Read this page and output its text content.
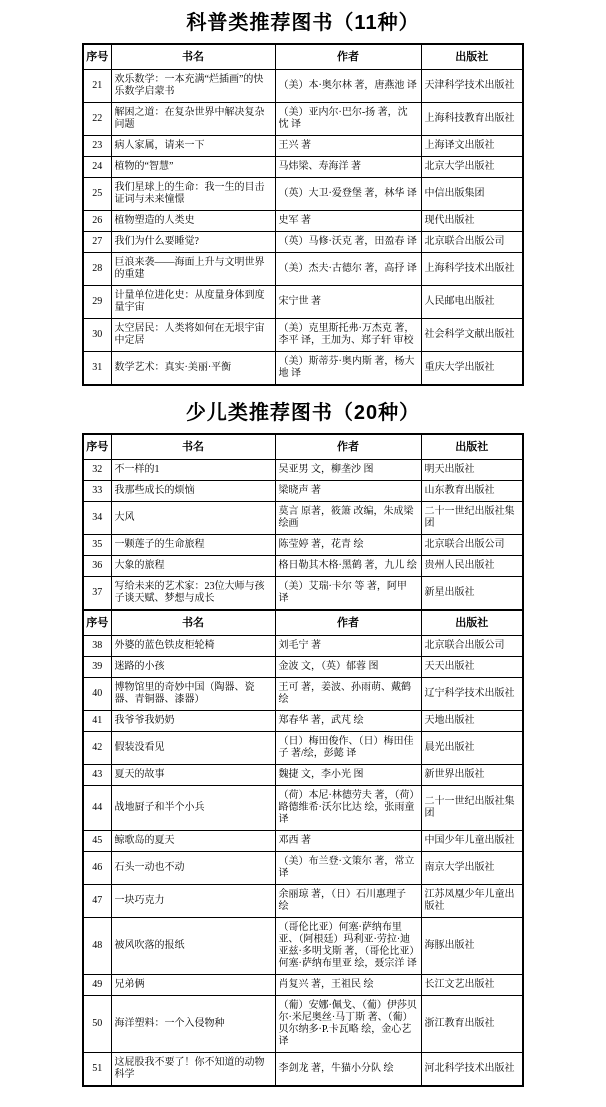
科普类推荐图书（11种）
序号	书名	作者	出版社
21	欢乐数学：一本充满“烂插画”的快乐数学启蒙书	（美）本·奥尔林 著，唐燕池 译	天津科学技术出版社
22	解困之道：在复杂世界中解决复杂问题	（美）亚内尔·巴尔-扬 著，沈忱 译	上海科技教育出版社
23	病人家属，请来一下	王兴 著	上海译文出版社
24	植物的“智慧”	马炜梁、寿海洋 著	北京大学出版社
25	我们星球上的生命：我一生的目击证词与未来憧憬	（英）大卫·爱登堡 著，林华 译	中信出版集团
26	植物塑造的人类史	史军 著	现代出版社
27	我们为什么要睡觉?	（英）马修·沃克 著，田盈春 译	北京联合出版公司
28	巨浪来袭——海面上升与文明世界的重建	（美）杰夫·古德尔 著，高抒 译	上海科学技术出版社
29	计量单位进化史：从度量身体到度量宇宙	宋宁世 著	人民邮电出版社
30	太空居民：人类将如何在无垠宇宙中定居	（美）克里斯托弗·万杰克 著，李平 译，王加为、郑子轩 审校	社会科学文献出版社
31	数学艺术：真实·美丽·平衡	（美）斯蒂芬·奥内斯 著，杨大地 译	重庆大学出版社
少儿类推荐图书（20种）
序号	书名	作者	出版社
32	不一样的1	吴亚男 文，柳垄沙 图	明天出版社
33	我那些成长的烦恼	梁晓声 著	山东教育出版社
34	大风	莫言 原著，筱箫 改编，朱成梁 绘画	二十一世纪出版社集团
35	一颗莲子的生命旅程	陈莹婷 著，花青 绘	北京联合出版公司
36	大象的旅程	格日勒其木格·黑鹤 著，九儿 绘	贵州人民出版社
37	写给未来的艺术家：23位大师与孩子谈天赋、梦想与成长	（美）艾瑞·卡尔 等 著，阿甲 译	新星出版社
序号	书名	作者	出版社
38	外婆的蓝色铁皮柜轮椅	刘毛宁 著	北京联合出版公司
39	迷路的小孩	金波 文，（英）郁蓉 图	天天出版社
40	博物馆里的奇妙中国（陶器、瓷器、青铜器、漆器）	王可 著，姜波、孙雨萌、戴鹤 绘	辽宁科学技术出版社
41	我爷爷我奶奶	郑春华 著，武芃 绘	天地出版社
42	假装没看见	（日）梅田俊作、（日）梅田佳子 著/绘，彭懿 译	晨光出版社
43	夏天的故事	魏捷 文，李小光 图	新世界出版社
44	战地厨子和半个小兵	（荷）本尼·林德劳夫 著，（荷）路德维希·沃尔比达 绘，张雨童 译	二十一世纪出版社集团
45	鲸歌岛的夏天	邓西 著	中国少年儿童出版社
46	石头一动也不动	（美）布兰登·文策尔 著，常立 译	南京大学出版社
47	一块巧克力	余丽琼 著，（日）石川惠理子 绘	江苏凤凰少年儿童出版社
48	被风吹落的报纸	（哥伦比亚）何塞·萨纳布里亚、（阿根廷）玛利亚·劳拉·迪亚兹·多明戈斯 著，（哥伦比亚）何塞·萨纳布里亚 绘，聂宗洋 译	海豚出版社
49	兄弟俩	肖复兴 著，王祖民 绘	长江文艺出版社
50	海洋塑料：一个入侵物种	（葡）安娜·佩戈、（葡）伊莎贝尔·米尼奥丝·马丁斯 著、（葡）贝尔纳多·P.卡瓦略 绘，金心艺 译	浙江教育出版社
51	这屁股我不要了！你不知道的动物科学	李剑龙 著，牛猫小分队 绘	河北科学技术出版社
